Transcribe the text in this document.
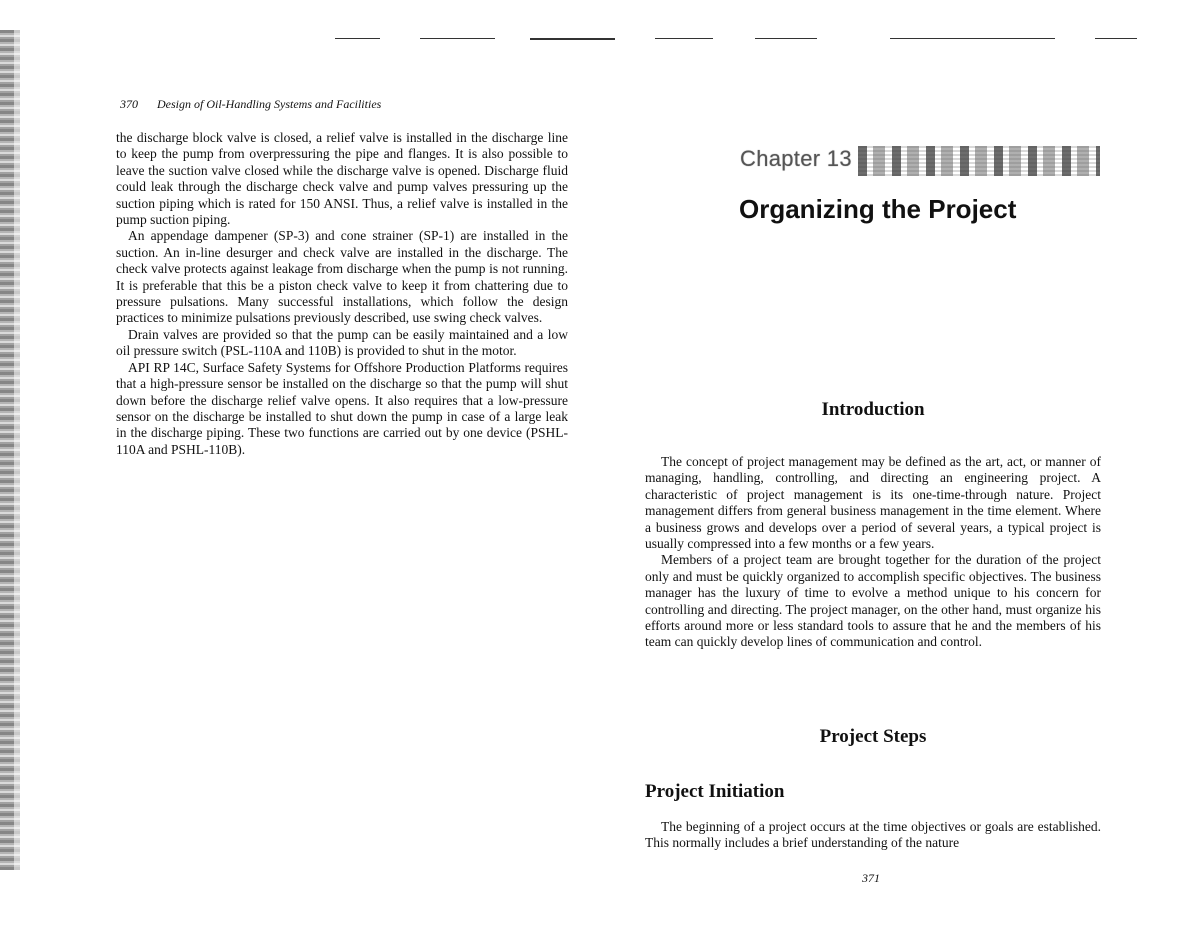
370 Design of Oil-Handling Systems and Facilities

the discharge block valve is closed, a relief valve is installed in the discharge line to keep the pump from overpressuring the pipe and flanges. It is also possible to leave the suction valve closed while the discharge valve is opened. Discharge fluid could leak through the discharge check valve and pump valves pressuring up the suction piping which is rated for 150 ANSI. Thus, a relief valve is installed in the pump suction piping.

An appendage dampener (SP-3) and cone strainer (SP-1) are installed in the suction. An in-line desurger and check valve are installed in the discharge. The check valve protects against leakage from discharge when the pump is not running. It is preferable that this be a piston check valve to keep it from chattering due to pressure pulsations. Many successful installations, which follow the design practices to minimize pulsations previously described, use swing check valves.

Drain valves are provided so that the pump can be easily maintained and a low oil pressure switch (PSL-110A and 110B) is provided to shut in the motor.

API RP 14C, Surface Safety Systems for Offshore Production Platforms requires that a high-pressure sensor be installed on the discharge so that the pump will shut down before the discharge relief valve opens. It also requires that a low-pressure sensor on the discharge be installed to shut down the pump in case of a large leak in the discharge piping. These two functions are carried out by one device (PSHL-110A and PSHL-110B).

Chapter 13
Organizing the Project
Introduction

The concept of project management may be defined as the art, act, or manner of managing, handling, controlling, and directing an engineering project. A characteristic of project management is its one-time-through nature. Project management differs from general business management in the time element. Where a business grows and develops over a period of several years, a typical project is usually compressed into a few months or a few years.

Members of a project team are brought together for the duration of the project only and must be quickly organized to accomplish specific objectives. The business manager has the luxury of time to evolve a method unique to his concern for controlling and directing. The project manager, on the other hand, must organize his efforts around more or less standard tools to assure that he and the members of his team can quickly develop lines of communication and control.

Project Steps
Project Initiation

The beginning of a project occurs at the time objectives or goals are established. This normally includes a brief understanding of the nature

371
